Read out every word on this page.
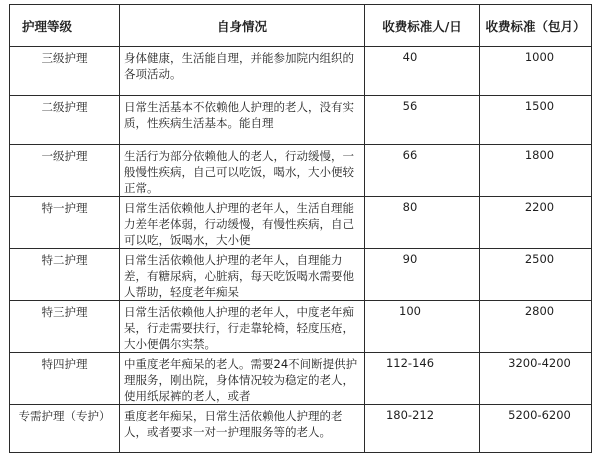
护理等级	自身情况	收费标准人/日	收费标准（包月）
三级护理	身体健康，生活能自理，并能参加院内组织的各项活动。	40	1000
二级护理	日常生活基本不依赖他人护理的老人，没有实质，性疾病生活基本。能自理	56	1500
一级护理	生活行为部分依赖他人的老人，行动缓慢，一般慢性疾病，自己可以吃饭，喝水，大小便较正常。	66	1800
特一护理	日常生活依赖他人护理的老年人，生活自理能力差年老体弱，行动缓慢，有慢性疾病，自己可以吃，饭喝水，大小便	80	2200
特二护理	日常生活依赖他人护理的老年人，自理能力差，有糖尿病，心脏病，每天吃饭喝水需要他人帮助，轻度老年痴呆	90	2500
特三护理	日常生活依赖他人护理的老年人，中度老年痴呆，行走需要扶行，行走靠轮椅，轻度压疮，大小便偶尔实禁。	100	2800
特四护理	中重度老年痴呆的老人。需要24不间断提供护理服务，刚出院，身体情况较为稳定的老人，使用纸尿裤的老人，或者	112-146	3200-4200
专需护理（专护）	重度老年痴呆，日常生活依赖他人护理的老人，或者要求一对一护理服务等的老人。	180-212	5200-6200
